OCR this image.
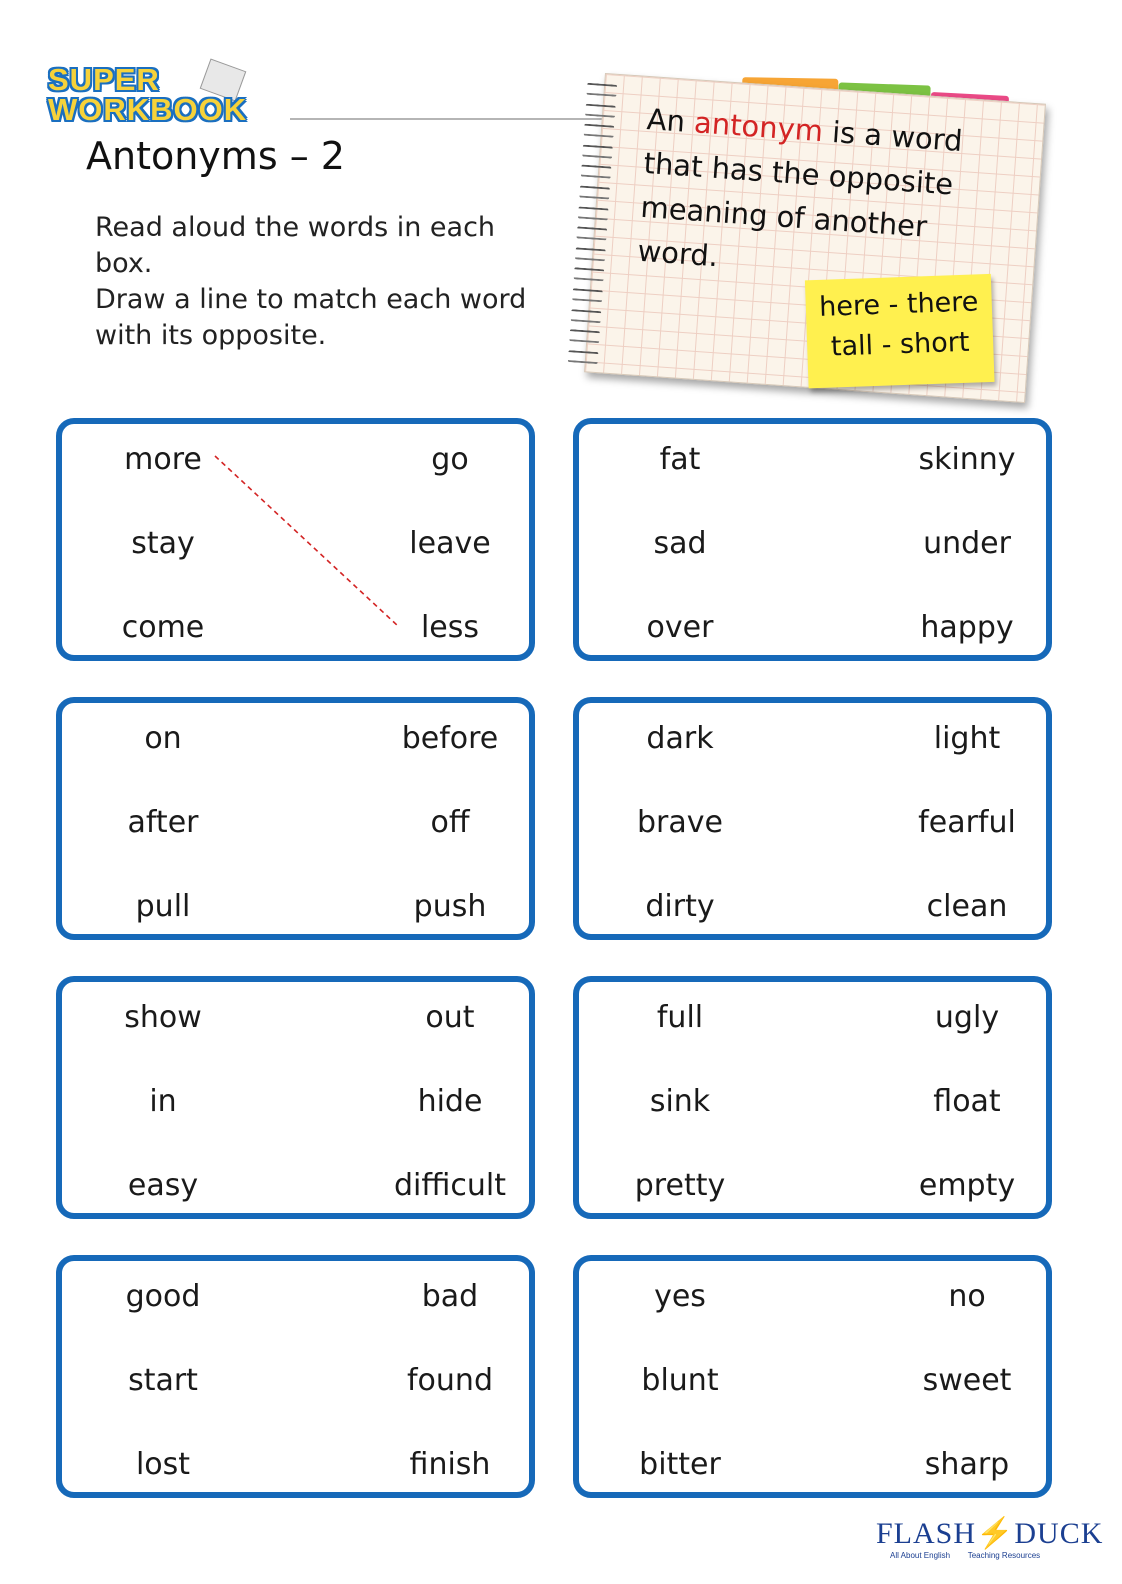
SUPER
WORKBOOK
Antonyms – 2
Read aloud the words in each
box.
Draw a line to match each word
with its opposite.
An antonym is a word
that has the opposite
meaning of another
word.
here - there
tall - short
more
stay
come
go
leave
less
fat
sad
over
skinny
under
happy
on
after
pull
before
off
push
dark
brave
dirty
light
fearful
clean
show
in
easy
out
hide
difficult
full
sink
pretty
ugly
float
empty
good
start
lost
bad
found
finish
yes
blunt
bitter
no
sweet
sharp
FLASH⚡DUCK
All About English Teaching Resources
